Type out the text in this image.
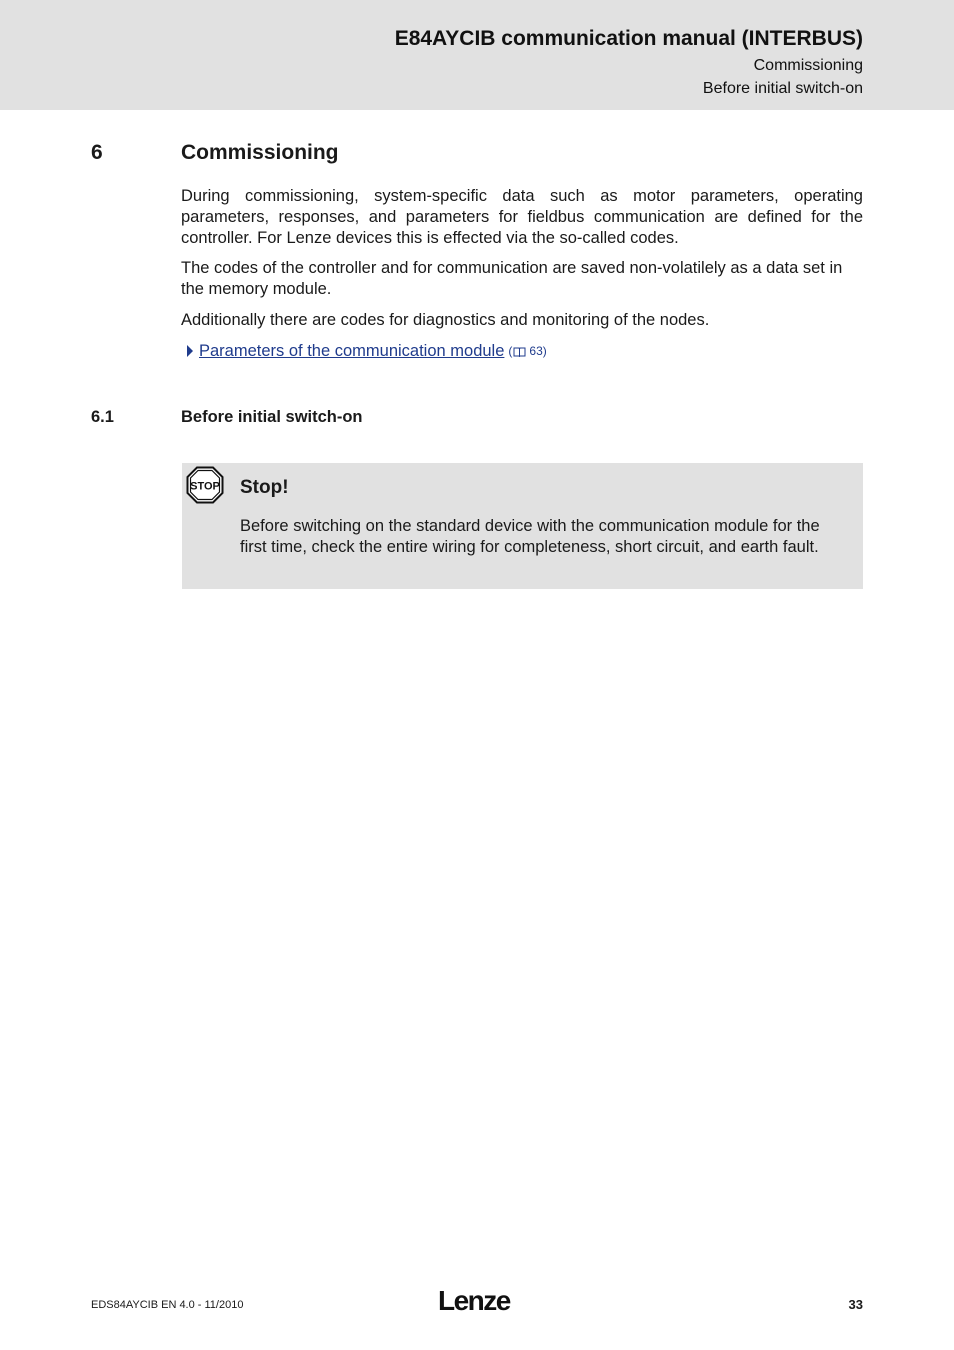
E84AYCIB communication manual (INTERBUS)
Commissioning
Before initial switch-on
6	Commissioning

During commissioning, system-specific data such as motor parameters, operating parameters, responses, and parameters for fieldbus communication are defined for the controller. For Lenze devices this is effected via the so-called codes.

The codes of the controller and for communication are saved non-volatilely as a data set in the memory module.

Additionally there are codes for diagnostics and monitoring of the nodes.

Parameters of the communication module ( 63)
6.1	Before initial switch-on
STOP Stop!

Before switching on the standard device with the communication module for the first time, check the entire wiring for completeness, short circuit, and earth fault.

EDS84AYCIB EN 4.0 - 11/2010	Lenze	33
